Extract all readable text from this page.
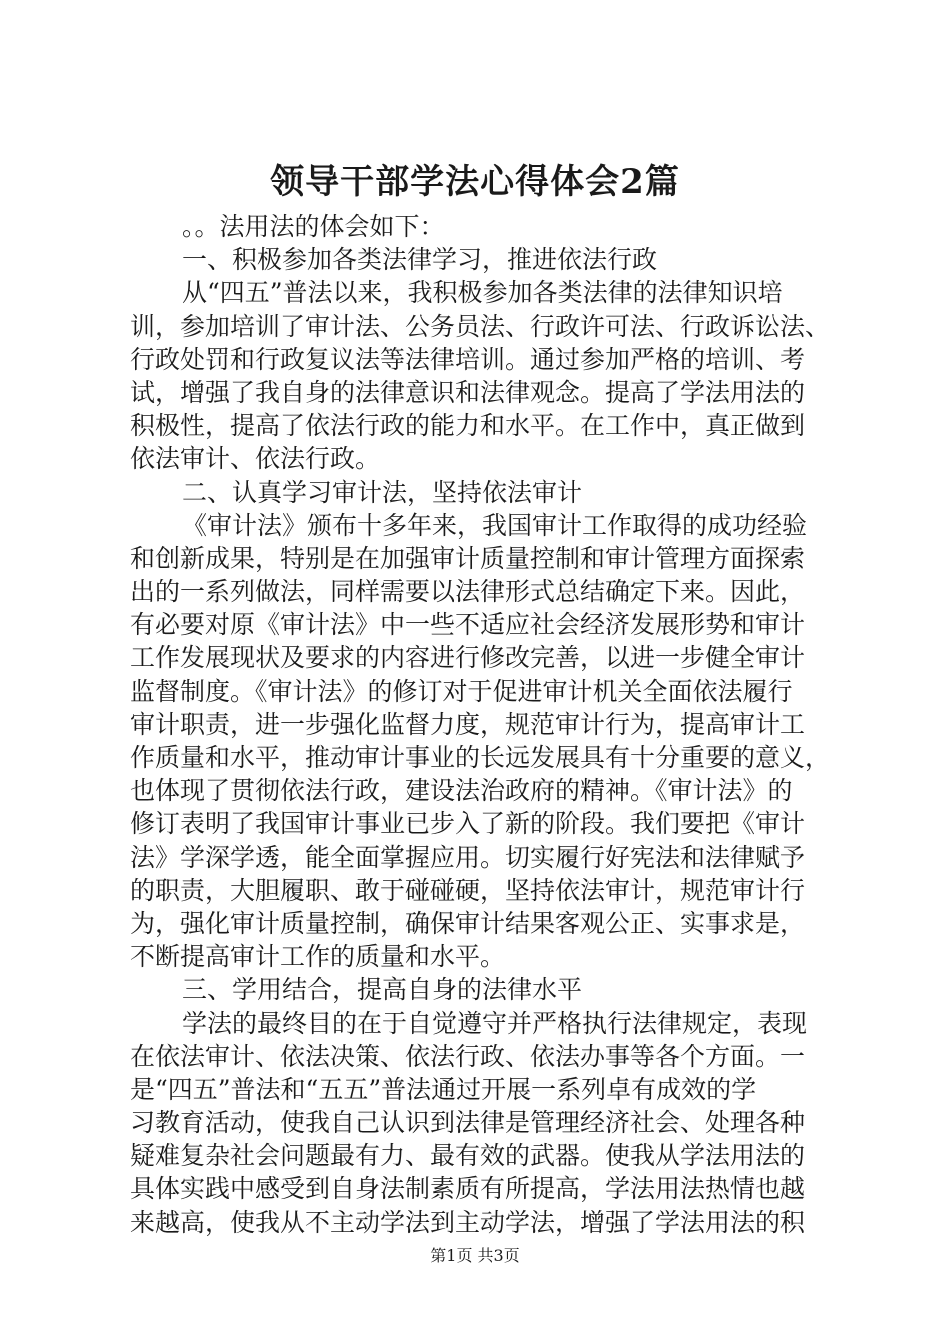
领导干部学法心得体会2篇
。。法用法的体会如下：
一、积极参加各类法律学习，推进依法行政
从“四五”普法以来，我积极参加各类法律的法律知识培
训，参加培训了审计法、公务员法、行政许可法、行政诉讼法、
行政处罚和行政复议法等法律培训。通过参加严格的培训、考
试，增强了我自身的法律意识和法律观念。提高了学法用法的
积极性，提高了依法行政的能力和水平。在工作中，真正做到
依法审计、依法行政。
二、认真学习审计法，坚持依法审计
《审计法》颁布十多年来，我国审计工作取得的成功经验
和创新成果，特别是在加强审计质量控制和审计管理方面探索
出的一系列做法，同样需要以法律形式总结确定下来。因此，
有必要对原《审计法》中一些不适应社会经济发展形势和审计
工作发展现状及要求的内容进行修改完善，以进一步健全审计
监督制度。《审计法》的修订对于促进审计机关全面依法履行
审计职责，进一步强化监督力度，规范审计行为，提高审计工
作质量和水平，推动审计事业的长远发展具有十分重要的意义，
也体现了贯彻依法行政，建设法治政府的精神。《审计法》的
修订表明了我国审计事业已步入了新的阶段。我们要把《审计
法》学深学透，能全面掌握应用。切实履行好宪法和法律赋予
的职责，大胆履职、敢于碰碰硬，坚持依法审计，规范审计行
为，强化审计质量控制，确保审计结果客观公正、实事求是，
不断提高审计工作的质量和水平。
三、学用结合，提高自身的法律水平
学法的最终目的在于自觉遵守并严格执行法律规定，表现
在依法审计、依法决策、依法行政、依法办事等各个方面。一
是“四五”普法和“五五”普法通过开展一系列卓有成效的学
习教育活动，使我自己认识到法律是管理经济社会、处理各种
疑难复杂社会问题最有力、最有效的武器。使我从学法用法的
具体实践中感受到自身法制素质有所提高，学法用法热情也越
来越高，使我从不主动学法到主动学法，增强了学法用法的积
第1页 共3页
